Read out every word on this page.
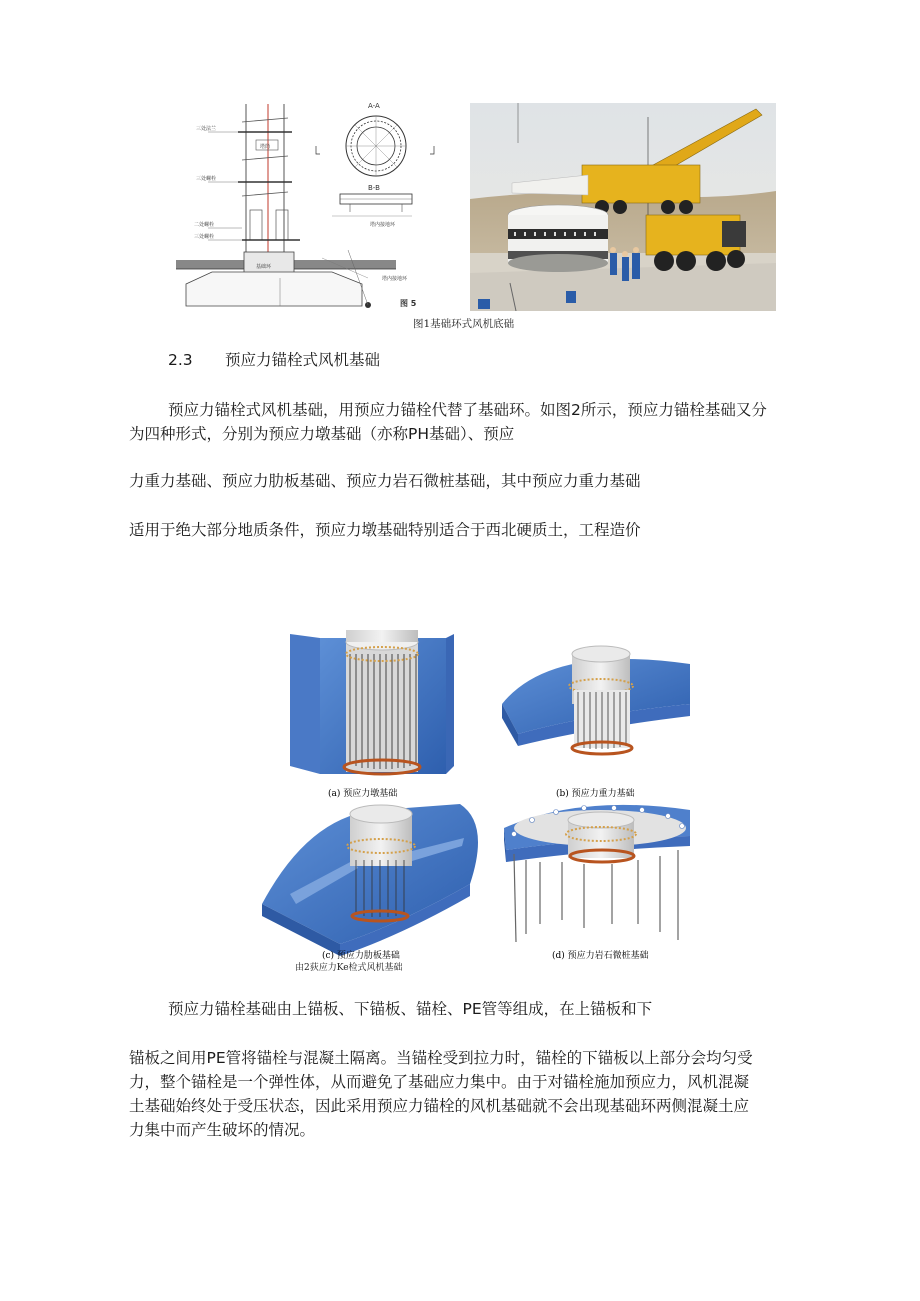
塔筒
三处法兰
三处螺栓
二处螺栓
三处螺栓
基础环
A-A
B-B
塔内接地环
塔内接地环
图 5
图1基础环式风机底础
2.3 预应力锚栓式风机基础
预应力锚栓式风机基础，用预应力锚栓代替了基础环。如图2所示，预应力锚栓基础又分
为四种形式，分别为预应力墩基础（亦称PH基础）、预应
力重力基础、预应力肋板基础、预应力岩石微桩基础，其中预应力重力基础
适用于绝大部分地质条件，预应力墩基础特别适合于西北硬质土，工程造价
(a) 预应力墩基础	(b) 预应力重力基础
(c) 预应力肋板基础	(d) 预应力岩石微桩基础
由2荻应力Ke检式风机基础
预应力锚栓基础由上锚板、下锚板、锚栓、PE管等组成，在上锚板和下
锚板之间用PE管将锚栓与混凝土隔离。当锚栓受到拉力时，锚栓的下锚板以上部分会均匀受
力，整个锚栓是一个弹性体，从而避免了基础应力集中。由于对锚栓施加预应力，风机混凝
土基础始终处于受压状态，因此采用预应力锚栓的风机基础就不会出现基础环两侧混凝土应
力集中而产生破坏的情况。
